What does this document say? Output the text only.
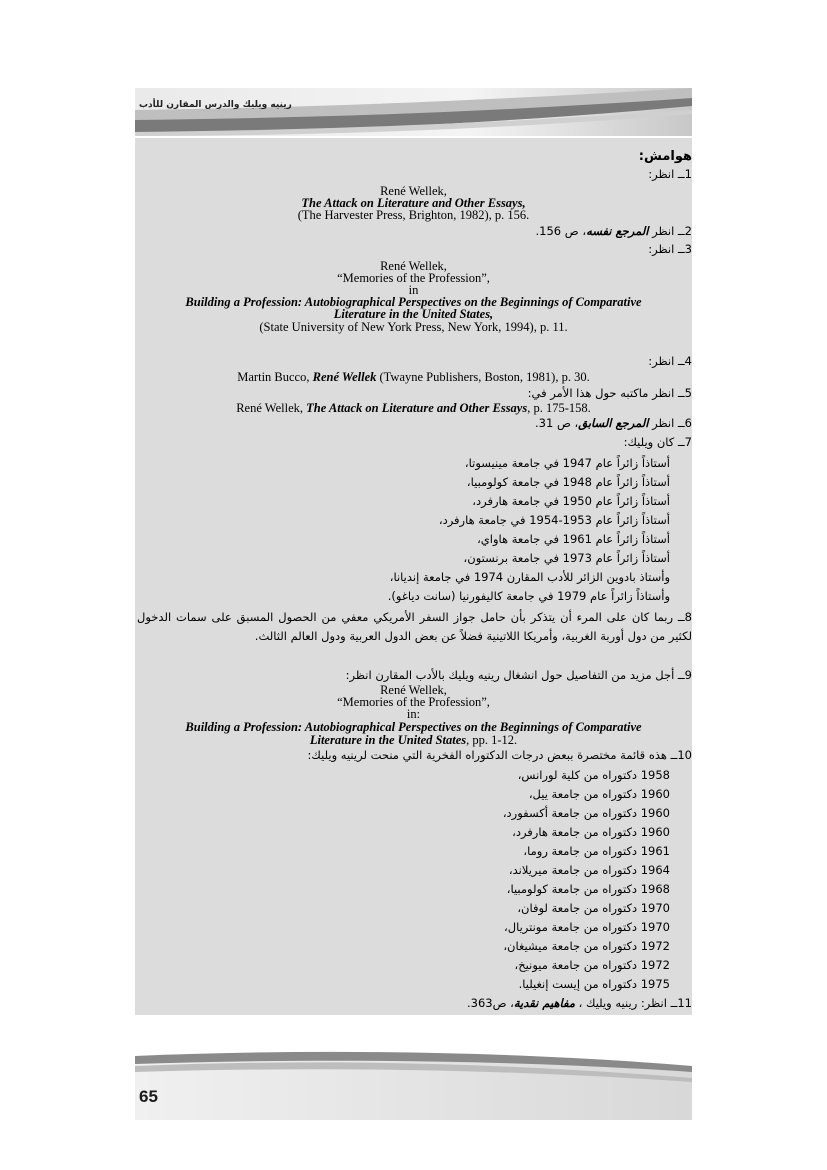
رينيه ويليك والدرس المقارن للأدب
هوامش:
1ــ انظر:
René Wellek,
The Attack on Literature and Other Essays,
(The Harvester Press, Brighton, 1982), p. 156.
2ــ انظر المرجع نفسه، ص 156.
3ــ انظر:
René Wellek,
“Memories of the Profession”,
in
Building a Profession: Autobiographical Perspectives on the Beginnings of Comparative
Literature in the United States,
(State University of New York Press, New York, 1994), p. 11.
4ــ انظر:
Martin Bucco, René Wellek (Twayne Publishers, Boston, 1981), p. 30.
5ــ انظر ماكتبه حول هذا الأمر في:
René Wellek, The Attack on Literature and Other Essays, p. 175-158.
6ــ انظر المرجع السابق، ص 31.
7ــ كان ويليك:
أستاذاً زائراً عام 1947 في جامعة مينيسوتا،
أستاذاً زائراً عام 1948 في جامعة كولومبيا،
أستاذاً زائراً عام 1950 في جامعة هارفرد،
أستاذاً زائراً عام 1953-1954 في جامعة هارفرد،
أستاذاً زائراً عام 1961 في جامعة هاواي،
أستاذاً زائراً عام 1973 في جامعة برنستون،
وأستاذ بادوين الزائر للأدب المقارن 1974 في جامعة إنديانا،
وأستاذاً زائراً عام 1979 في جامعة كاليفورنيا (سانت دياغو).
8ــ ربما كان على المرء أن يتذكر بأن حامل جواز السفر الأمريكي معفي من الحصول المسبق على سمات الدخول لكثير من دول أوربة الغربية، وأمريكا اللاتينية فضلاً عن بعض الدول العربية ودول العالم الثالث.
9ــ أجل مزيد من التفاصيل حول انشغال رينيه ويليك بالأدب المقارن انظر:
René Wellek,
“Memories of the Profession”,
in:
Building a Profession: Autobiographical Perspectives on the Beginnings of Comparative
Literature in the United States, pp. 1-12.
10ــ هذه قائمة مختصرة ببعض درجات الدكتوراه الفخرية التي منحت لرينيه ويليك:
1958 دكتوراه من كلية لورانس،
1960 دكتوراه من جامعة ييل،
1960 دكتوراه من جامعة أكسفورد،
1960 دكتوراه من جامعة هارفرد،
1961 دكتوراه من جامعة روما،
1964 دكتوراه من جامعة ميريلاند،
1968 دكتوراه من جامعة كولومبيا،
1970 دكتوراه من جامعة لوفان،
1970 دكتوراه من جامعة مونتريال،
1972 دكتوراه من جامعة ميشيغان،
1972 دكتوراه من جامعة ميونيخ،
1975 دكتوراه من إيست إنغيليا.
11ــ انظر: رينيه ويليك ، مفاهيم نقدية، ص363.
65
